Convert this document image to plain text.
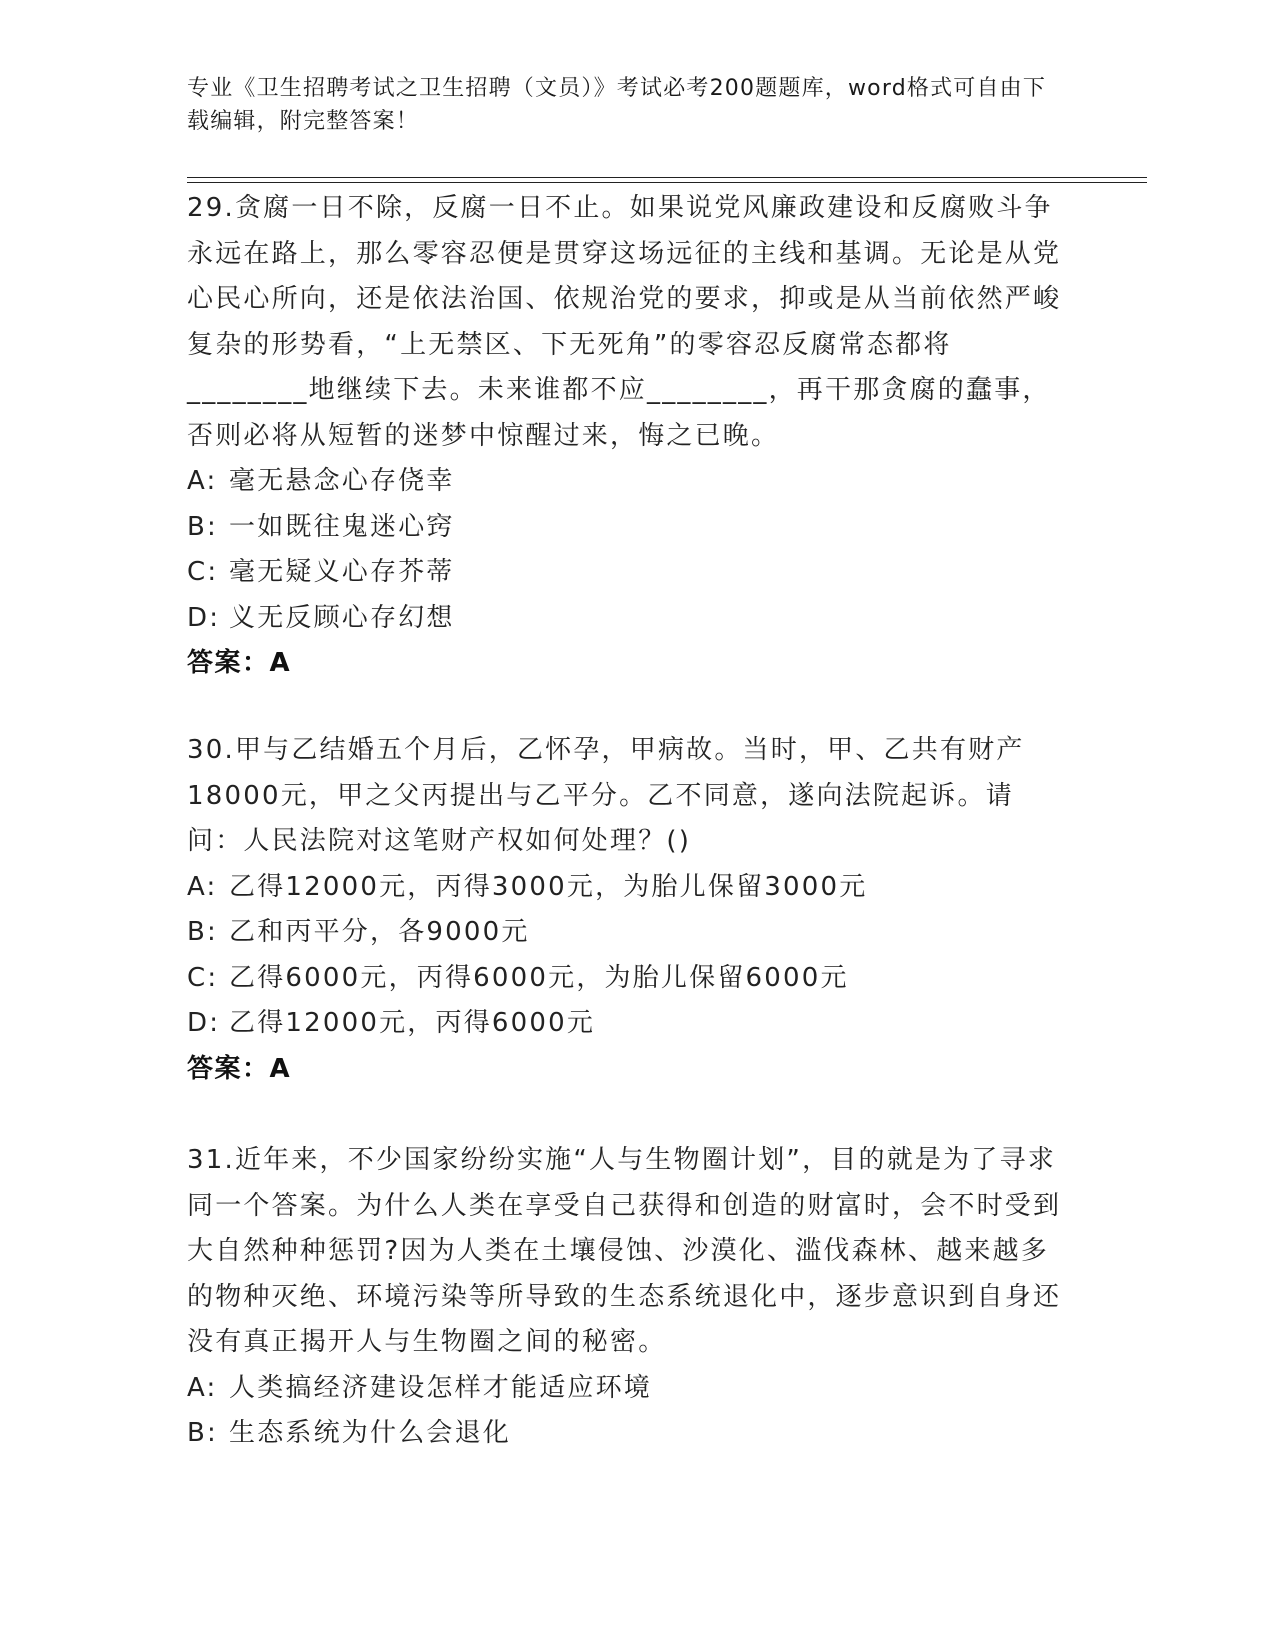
专业《卫生招聘考试之卫生招聘（文员）》考试必考200题题库，word格式可自由下载编辑，附完整答案！

29.贪腐一日不除，反腐一日不止。如果说党风廉政建设和反腐败斗争永远在路上，那么零容忍便是贯穿这场远征的主线和基调。无论是从党心民心所向，还是依法治国、依规治党的要求，抑或是从当前依然严峻复杂的形势看，“上无禁区、下无死角”的零容忍反腐常态都将________地继续下去。未来谁都不应________，再干那贪腐的蠢事，否则必将从短暂的迷梦中惊醒过来，悔之已晚。

A: 毫无悬念心存侥幸

B: 一如既往鬼迷心窍

C: 毫无疑义心存芥蒂

D: 义无反顾心存幻想

答案：A

30.甲与乙结婚五个月后，乙怀孕，甲病故。当时，甲、乙共有财产18000元，甲之父丙提出与乙平分。乙不同意，遂向法院起诉。请问：人民法院对这笔财产权如何处理？()

A: 乙得12000元，丙得3000元，为胎儿保留3000元

B: 乙和丙平分，各9000元

C: 乙得6000元，丙得6000元，为胎儿保留6000元

D: 乙得12000元，丙得6000元

答案：A

31.近年来，不少国家纷纷实施“人与生物圈计划”，目的就是为了寻求同一个答案。为什么人类在享受自己获得和创造的财富时，会不时受到大自然种种惩罚?因为人类在土壤侵蚀、沙漠化、滥伐森林、越来越多的物种灭绝、环境污染等所导致的生态系统退化中，逐步意识到自身还没有真正揭开人与生物圈之间的秘密。

A: 人类搞经济建设怎样才能适应环境

B: 生态系统为什么会退化
